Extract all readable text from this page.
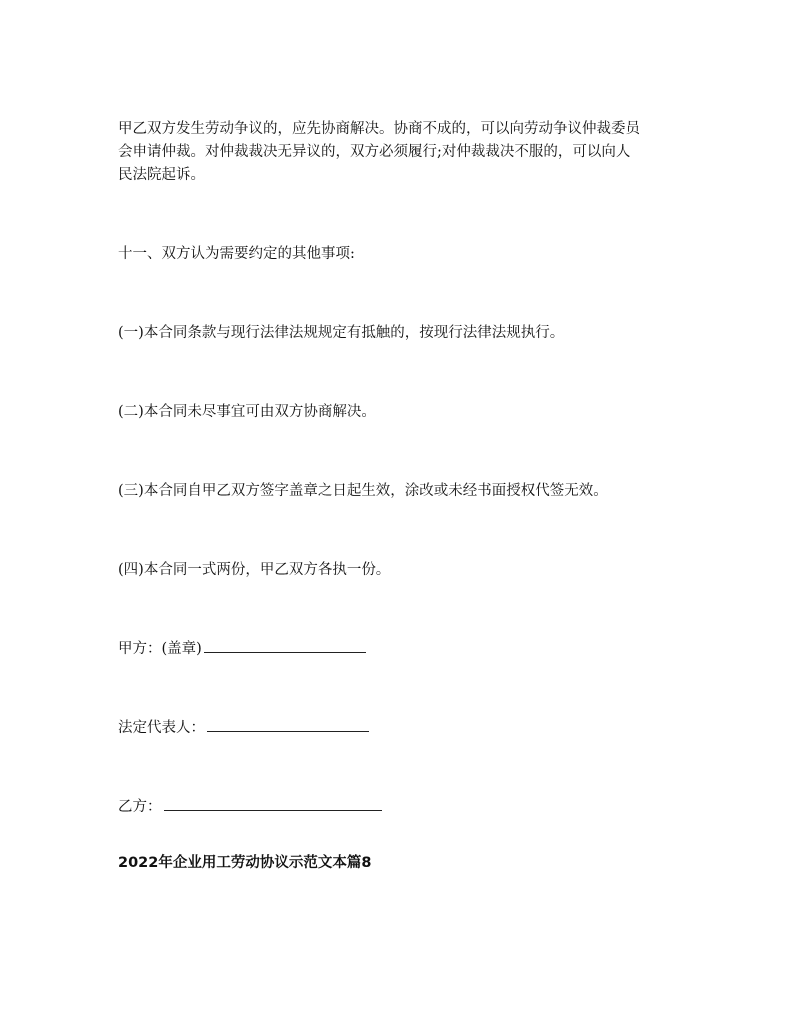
甲乙双方发生劳动争议的，应先协商解决。协商不成的，可以向劳动争议仲裁委员
会申请仲裁。对仲裁裁决无异议的，双方必须履行;对仲裁裁决不服的，可以向人
民法院起诉。

十一、双方认为需要约定的其他事项:

(一)本合同条款与现行法律法规规定有抵触的，按现行法律法规执行。

(二)本合同未尽事宜可由双方协商解决。

(三)本合同自甲乙双方签字盖章之日起生效，涂改或未经书面授权代签无效。

(四)本合同一式两份，甲乙双方各执一份。

甲方：(盖章)

法定代表人：

乙方：

2022年企业用工劳动协议示范文本篇8
